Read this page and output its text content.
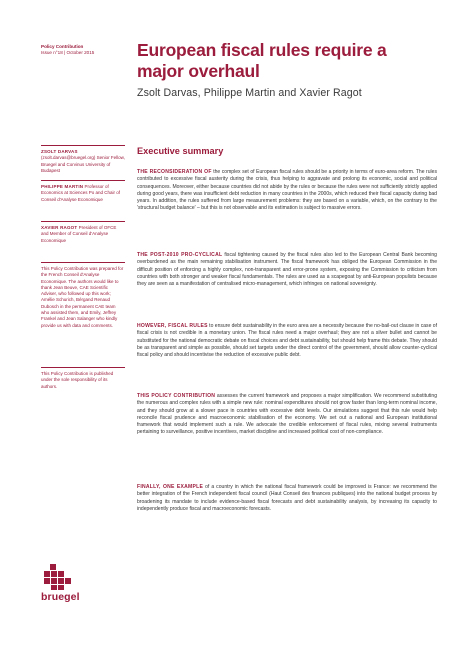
Policy Contribution
Issue n°18 | October 2015	European fiscal rules require a major overhaul
Zsolt Darvas, Philippe Martin and Xavier Ragot
Executive summary
ZSOLT DARVAS (zsolt.darvas@bruegel.org) Senior Fellow, Bruegel and Corvinus University of Budapest
PHILIPPE MARTIN Professor of Economics at Sciences Po and Chair of Conseil d'Analyse Economique
XAVIER RAGOT President of OFCE and Member of Conseil d'Analyse Economique
This Policy Contribution was prepared for the French Conseil d'Analyse Economique. The authors would like to thank Jean Beuve, CAE Scientific Adviser, who followed up this work; Amélie Schurich, Bérgand Renaud Dubosch in the permanent CAE team who assisted them, and Emily, Jeffrey Frankel and Jean Salanger who kindly provide us with data and comments.
This Policy Contribution is published under the sole responsibility of its authors.
THE RECONSIDERATION OF the complex set of European fiscal rules should be a priority in terms of euro-area reform. The rules contributed to excessive fiscal austerity during the crisis, thus helping to aggravate and prolong its economic, social and political consequences. Moreover, either because countries did not abide by the rules or because the rules were not sufficiently strictly applied during good years, there was insufficient debt reduction in many countries in the 2000s, which reduced their fiscal capacity during bad years. In addition, the rules suffered from large measurement problems: they are based on a variable, which, on the contrary to the 'structural budget balance' – but this is not observable and its estimation is subject to massive errors.
THE POST-2010 PRO-CYCLICAL fiscal tightening caused by the fiscal rules also led to the European Central Bank becoming overburdened as the main remaining stabilisation instrument. The fiscal framework has obliged the European Commission in the difficult position of enforcing a highly complex, non-transparent and error-prone system, exposing the Commission to criticism from countries with both stronger and weaker fiscal fundamentals. The rules are used as a scapegoat by anti-European populists because they are seen as a manifestation of centralised micro-management, which infringes on national sovereignty.
HOWEVER, FISCAL RULES to ensure debt sustainability in the euro area are a necessity because the no-bail-out clause in case of fiscal crisis is not credible in a monetary union. The fiscal rules need a major overhaul; they are not a silver bullet and cannot be substituted for the national democratic debate on fiscal choices and debt sustainability, but should help frame this debate. They should be as transparent and simple as possible, should set targets under the direct control of the government, should allow counter-cyclical fiscal policy and should incentivise the reduction of excessive public debt.
THIS POLICY CONTRIBUTION assesses the current framework and proposes a major simplification. We recommend substituting the numerous and complex rules with a simple new rule: nominal expenditures should not grow faster than long-term nominal income, and they should grow at a slower pace in countries with excessive debt levels. Our simulations suggest that this rule would help reconcile fiscal prudence and macroeconomic stabilisation of the economy. We set out a national and European institutional framework that would implement such a rule. We advocate the credible enforcement of fiscal rules, mixing several instruments pertaining to surveillance, positive incentives, market discipline and increased political cost of non-compliance.
FINALLY, ONE EXAMPLE of a country in which the national fiscal framework could be improved is France: we recommend the better integration of the French independent fiscal council (Haut Conseil des finances publiques) into the national budget process by broadening its mandate to include evidence-based fiscal forecasts and debt sustainability analysis, by increasing its capacity to independently produce fiscal and macroeconomic forecasts.
bruegel
